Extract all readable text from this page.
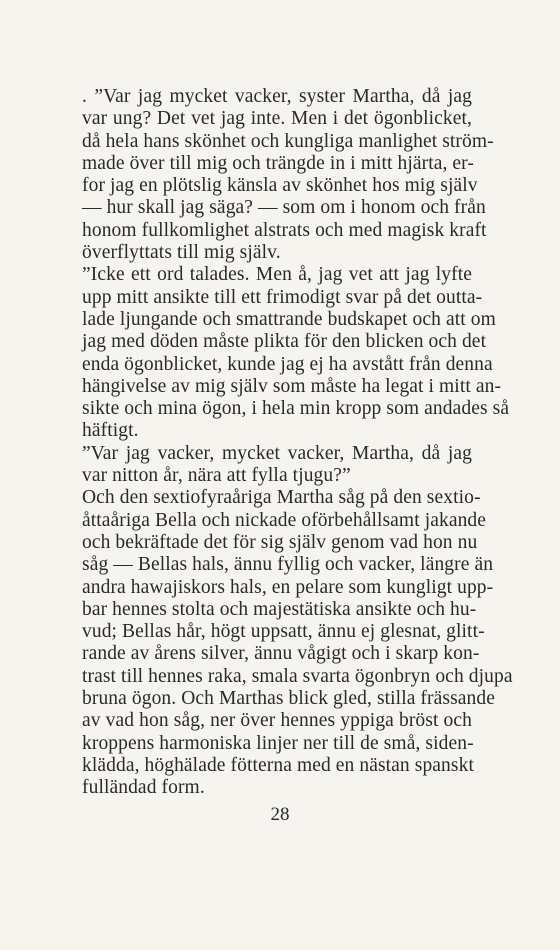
. ”Var jag mycket vacker, syster Martha, då jag
var ung? Det vet jag inte. Men i det ögonblicket,
då hela hans skönhet och kungliga manlighet ström-
made över till mig och trängde in i mitt hjärta, er-
for jag en plötslig känsla av skönhet hos mig själv
— hur skall jag säga? — som om i honom och från
honom fullkomlighet alstrats och med magisk kraft
överflyttats till mig själv.
”Icke ett ord talades. Men å, jag vet att jag lyfte
upp mitt ansikte till ett frimodigt svar på det outta-
lade ljungande och smattrande budskapet och att om
jag med döden måste plikta för den blicken och det
enda ögonblicket, kunde jag ej ha avstått från denna
hängivelse av mig själv som måste ha legat i mitt an-
sikte och mina ögon, i hela min kropp som andades så
häftigt.
”Var jag vacker, mycket vacker, Martha, då jag
var nitton år, nära att fylla tjugu?”
Och den sextiofyraåriga Martha såg på den sextio-
åttaåriga Bella och nickade oförbehållsamt jakande
och bekräftade det för sig själv genom vad hon nu
såg — Bellas hals, ännu fyllig och vacker, längre än
andra hawajiskors hals, en pelare som kungligt upp-
bar hennes stolta och majestätiska ansikte och hu-
vud; Bellas hår, högt uppsatt, ännu ej glesnat, glitt-
rande av årens silver, ännu vågigt och i skarp kon-
trast till hennes raka, smala svarta ögonbryn och djupa
bruna ögon. Och Marthas blick gled, stilla frässande
av vad hon såg, ner över hennes yppiga bröst och
kroppens harmoniska linjer ner till de små, siden-
klädda, höghälade fötterna med en nästan spanskt
fulländad form.
28
